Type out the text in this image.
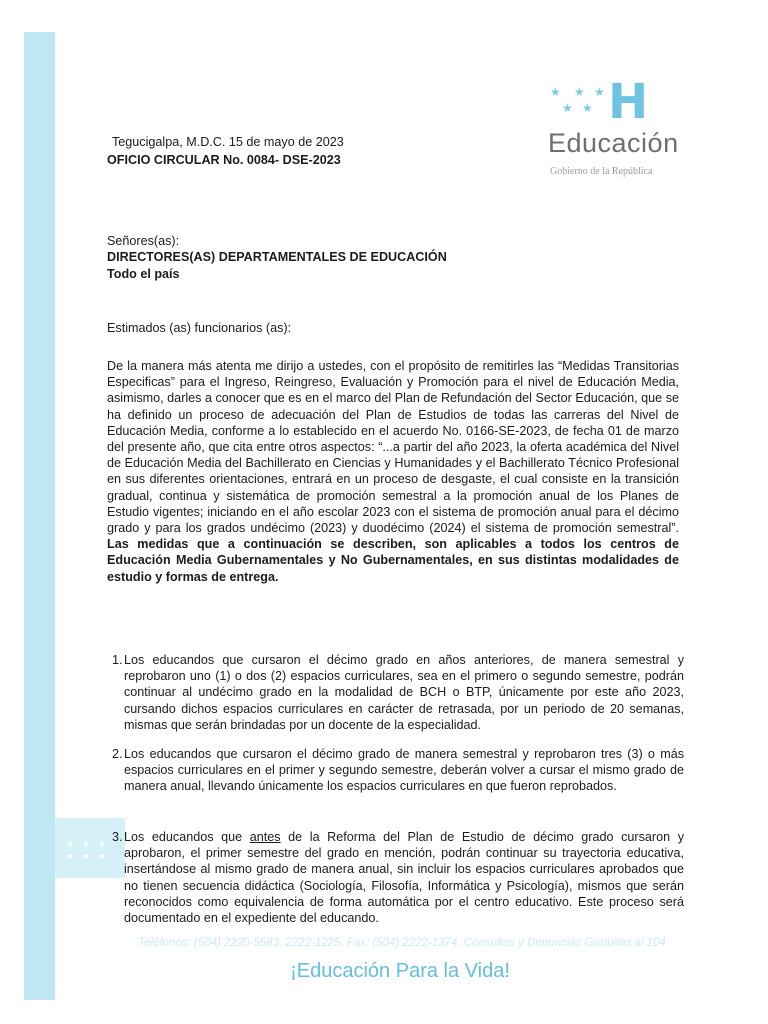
★★★
★★★
★ ★ ★
★ ★ H
Educación
Gobierno de la República
Tegucigalpa, M.D.C. 15 de mayo de 2023
OFICIO CIRCULAR No. 0084- DSE-2023
Señores(as):
DIRECTORES(AS) DEPARTAMENTALES DE EDUCACIÓN
Todo el país
Estimados (as) funcionarios (as):
De la manera más atenta me dirijo a ustedes, con el propósito de remitirles las “Medidas Transitorias Especificas” para el Ingreso, Reingreso, Evaluación y Promoción para el nivel de Educación Media, asimismo, darles a conocer que es en el marco del Plan de Refundación del Sector Educación, que se ha definido un proceso de adecuación del Plan de Estudios de todas las carreras del Nivel de Educación Media, conforme a lo establecido en el acuerdo No. 0166-SE-2023, de fecha 01 de marzo del presente año, que cita entre otros aspectos: “...a partir del año 2023, la oferta académica del Nivel de Educación Media del Bachillerato en Ciencias y Humanidades y el Bachillerato Técnico Profesional en sus diferentes orientaciones, entrará en un proceso de desgaste, el cual consiste en la transición gradual, continua y sistemática de promoción semestral a la promoción anual de los Planes de Estudio vigentes; iniciando en el año escolar 2023 con el sistema de promoción anual para el décimo grado y para los grados undécimo (2023) y duodécimo (2024) el sistema de promoción semestral”. Las medidas que a continuación se describen, son aplicables a todos los centros de Educación Media Gubernamentales y No Gubernamentales, en sus distintas modalidades de estudio y formas de entrega.
1. Los educandos que cursaron el décimo grado en años anteriores, de manera semestral y reprobaron uno (1) o dos (2) espacios curriculares, sea en el primero o segundo semestre, podrán continuar al undécimo grado en la modalidad de BCH o BTP, únicamente por este año 2023, cursando dichos espacios curriculares en carácter de retrasada, por un periodo de 20 semanas, mismas que serán brindadas por un docente de la especialidad.
2. Los educandos que cursaron el décimo grado de manera semestral y reprobaron tres (3) o más espacios curriculares en el primer y segundo semestre, deberán volver a cursar el mismo grado de manera anual, llevando únicamente los espacios curriculares en que fueron reprobados.
3. Los educandos que antes de la Reforma del Plan de Estudio de décimo grado cursaron y aprobaron, el primer semestre del grado en mención, podrán continuar su trayectoria educativa, insertándose al mismo grado de manera anual, sin incluir los espacios curriculares aprobados que no tienen secuencia didáctica (Sociología, Filosofía, Informática y Psicología), mismos que serán reconocidos como equivalencia de forma automática por el centro educativo. Este proceso será documentado en el expediente del educando.
Teléfonos: (504) 2220-5583, 2222-1225, Fax: (504) 2222-1374, Consultas y Denuncias Gratuitas al 104
¡Educación Para la Vida!
